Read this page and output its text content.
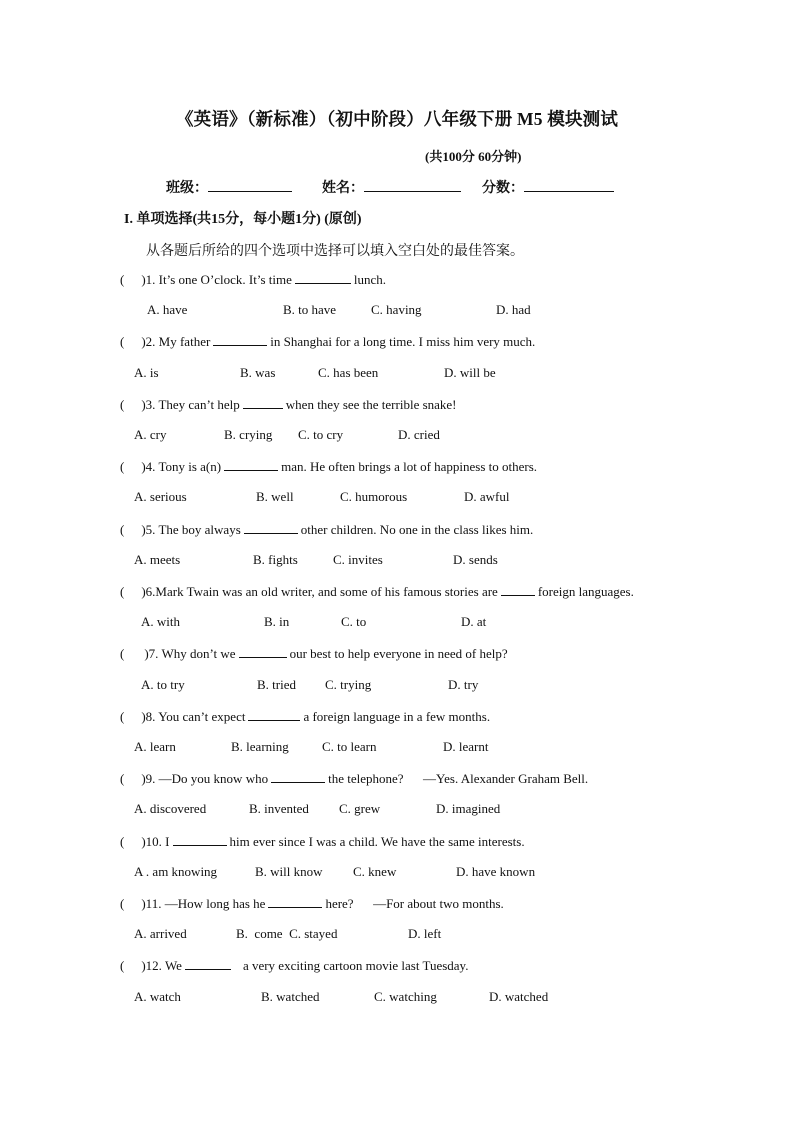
《英语》（新标准）（初中阶段）八年级下册 M5 模块测试
(共100分 60分钟)
班级：	姓名：	分数：
I. 单项选择(共15分，每小题1分) (原创)
从各题后所给的四个选项中选择可以填入空白处的最佳答案。
( )1. It’s one O’clock. It’s time	lunch.
A. have	B. to have	C. having	D. had
( )2. My father	in Shanghai for a long time. I miss him very much.
A. is	B. was	C. has been	D. will be
( )3. They can’t help	when they see the terrible snake!
A. cry	B. crying C. to cry	D. cried
( )4. Tony is a(n)	man. He often brings a lot of happiness to others.
A. serious	B. well	C. humorous	D. awful
( )5. The boy always	other children. No one in the class likes him.
A. meets	B. fights	C. invites	D. sends
( )6.Mark Twain was an old writer, and some of his famous stories are	foreign languages.
A. with	B. in	C. to	D. at
( )7. Why don’t we	our best to help everyone in need of help?
A. to try	B. tried C. trying	D. try
( )8. You can’t expect	a foreign language in a few months.
A. learn	B. learning	C. to learn	D. learnt
( )9. —Do you know who	the telephone?      —Yes. Alexander Graham Bell.
A. discovered	B. invented C. grew	D. imagined
( )10. I	him ever since I was a child. We have the same interests.
A . am knowing	B. will know C. knew	D. have known
( )11. —How long has he	here?      —For about two months.
A. arrived	B.  come  C. stayed	D. left
( )12. We	a very exciting cartoon movie last Tuesday.
A. watch	B. watched	C. watching	D. watched
